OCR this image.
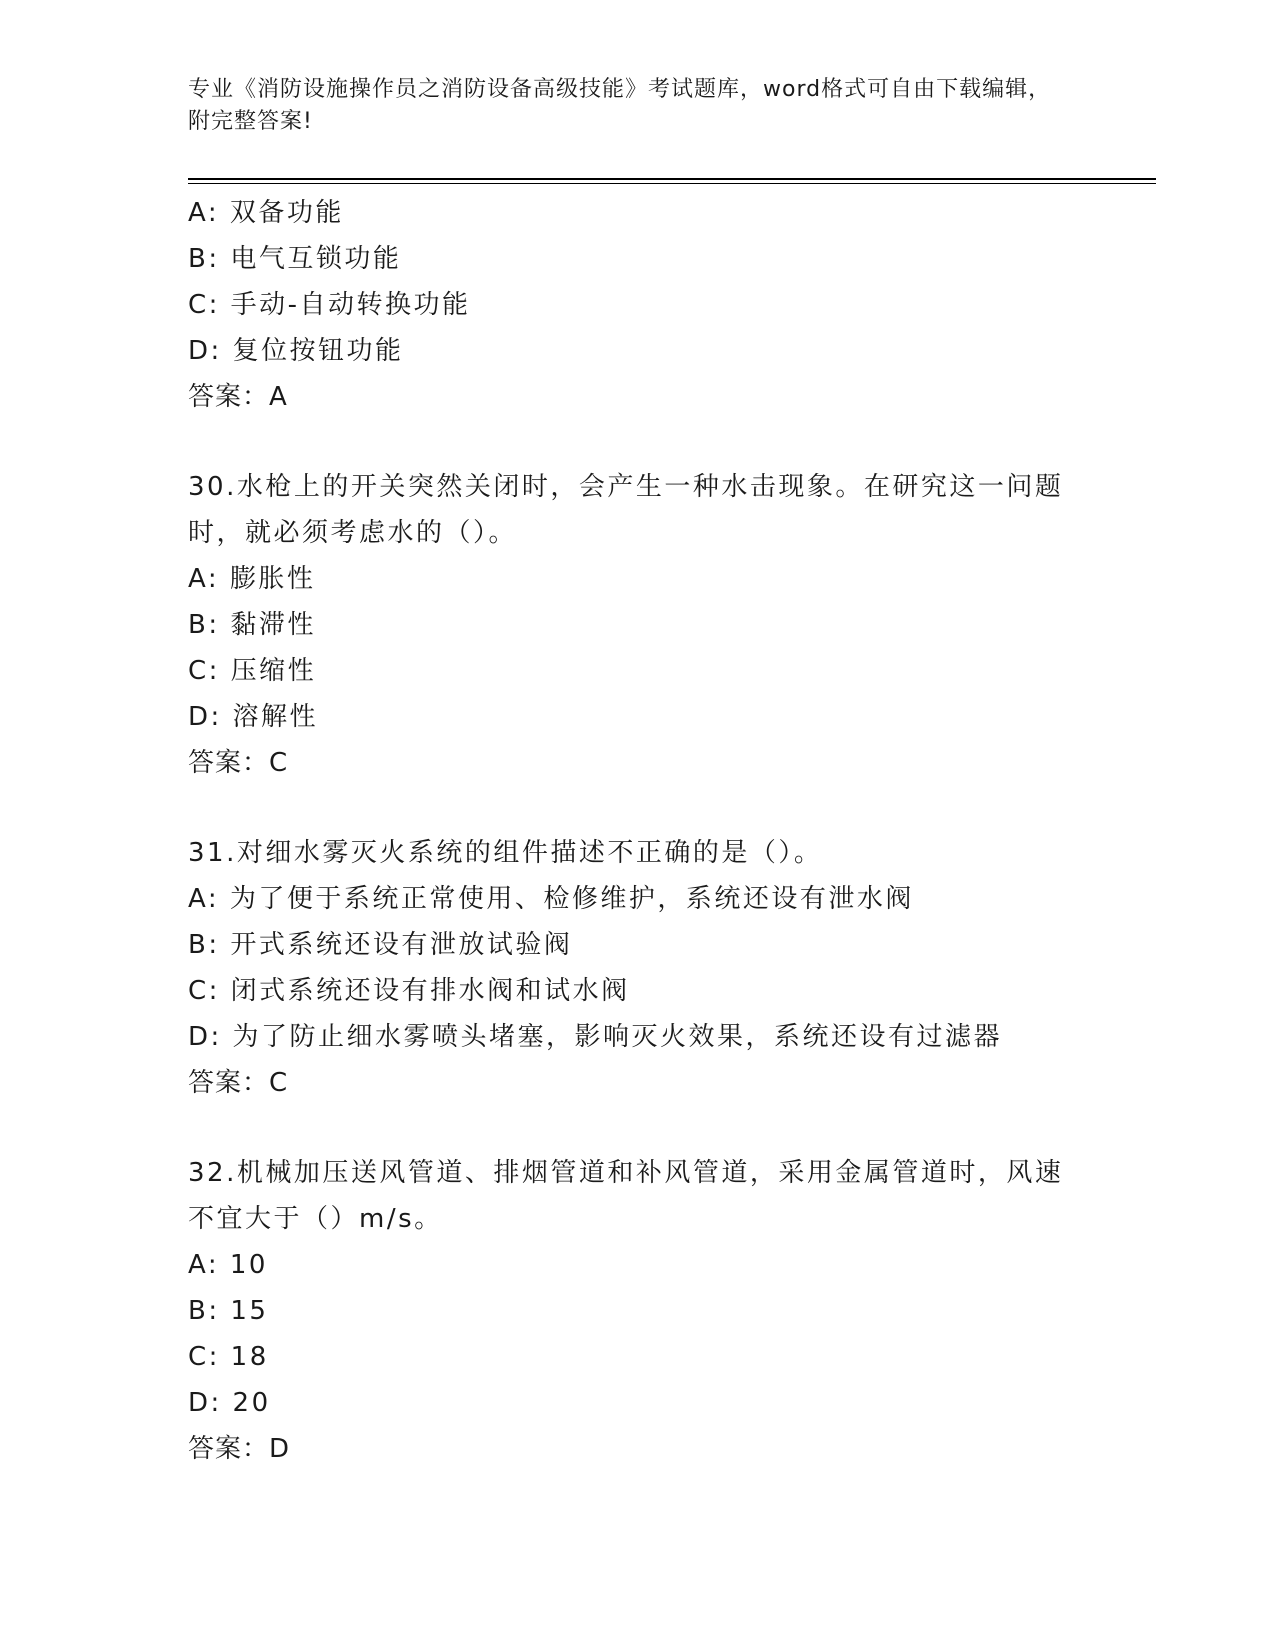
专业《消防设施操作员之消防设备高级技能》考试题库，word格式可自由下载编辑，附完整答案!
A: 双备功能
B: 电气互锁功能
C: 手动-自动转换功能
D: 复位按钮功能
答案：A
30.水枪上的开关突然关闭时，会产生一种水击现象。在研究这一问题
时，就必须考虑水的（）。
A: 膨胀性
B: 黏滞性
C: 压缩性
D: 溶解性
答案：C
31.对细水雾灭火系统的组件描述不正确的是（）。
A: 为了便于系统正常使用、检修维护，系统还设有泄水阀
B: 开式系统还设有泄放试验阀
C: 闭式系统还设有排水阀和试水阀
D: 为了防止细水雾喷头堵塞，影响灭火效果，系统还设有过滤器
答案：C
32.机械加压送风管道、排烟管道和补风管道，采用金属管道时，风速
不宜大于（）m/s。
A: 10
B: 15
C: 18
D: 20
答案：D
